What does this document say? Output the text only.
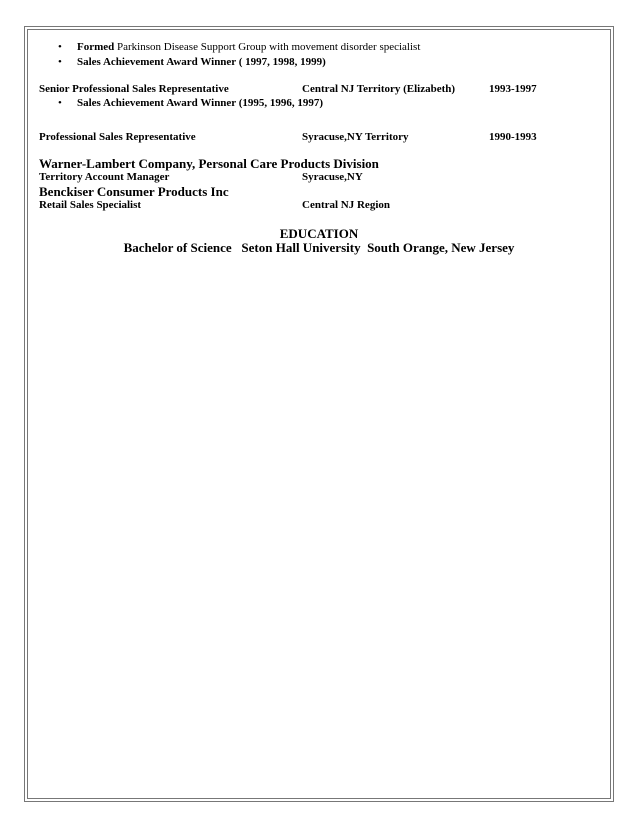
• Formed Parkinson Disease Support Group with movement disorder specialist
• Sales Achievement Award Winner ( 1997, 1998, 1999)
Senior Professional Sales Representative	Central NJ Territory (Elizabeth)	1993-1997
• Sales Achievement Award Winner (1995, 1996, 1997)
Professional Sales Representative	Syracuse,NY Territory	1990-1993
Warner-Lambert Company, Personal Care Products Division
Territory Account Manager	Syracuse,NY
Benckiser Consumer Products Inc
Retail Sales Specialist	Central NJ Region
EDUCATION
Bachelor of Science   Seton Hall University  South Orange, New Jersey
